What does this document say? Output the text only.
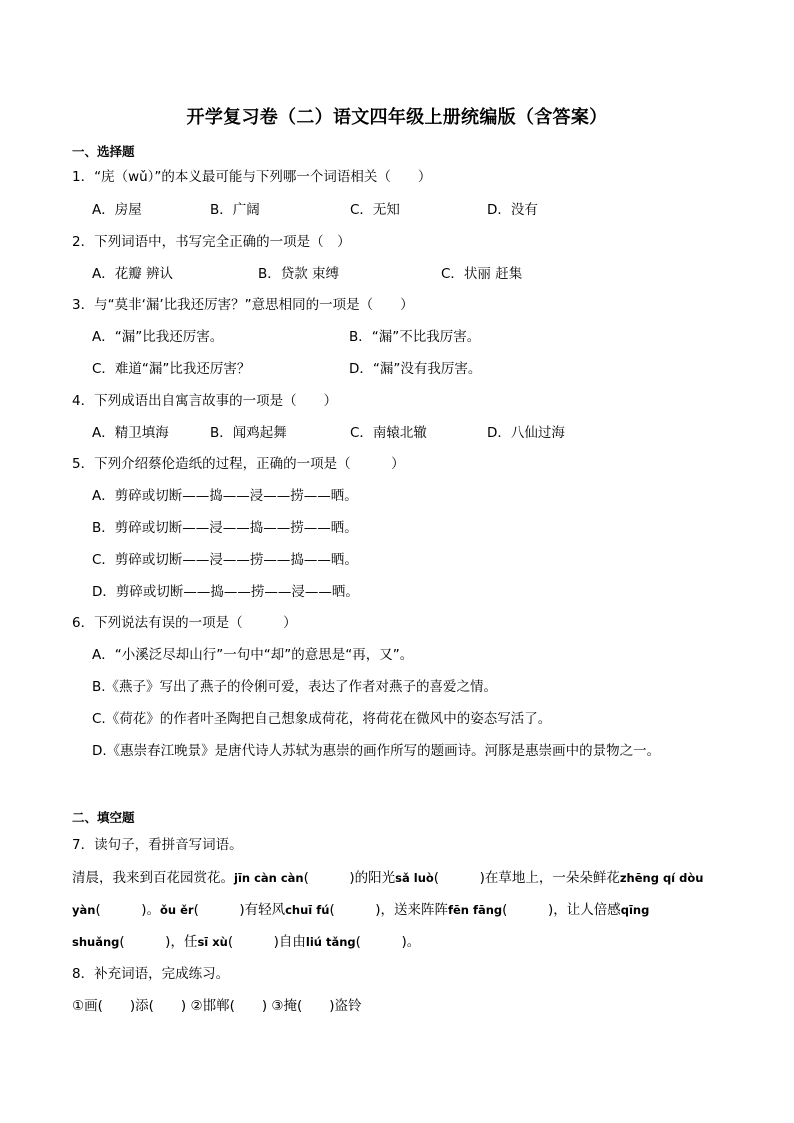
开学复习卷（二）语文四年级上册统编版（含答案）
一、选择题
1．“庑（wǔ）”的本义最可能与下列哪一个词语相关（　　）
A．房屋	B．广阔	C．无知	D．没有
2．下列词语中，书写完全正确的一项是（　）
A．花瓣 辨认	B．贷款 束缚	C．状丽 赶集
3．与“莫非‘漏’比我还厉害？”意思相同的一项是（　　）
A．“漏”比我还厉害。	B．“漏”不比我厉害。
C．难道“漏”比我还厉害？	D．“漏”没有我厉害。
4．下列成语出自寓言故事的一项是（　　）
A．精卫填海	B．闻鸡起舞	C．南辕北辙	D．八仙过海
5．下列介绍蔡伦造纸的过程，正确的一项是（　　　）
A．剪碎或切断——捣——浸——捞——晒。
B．剪碎或切断——浸——捣——捞——晒。
C．剪碎或切断——浸——捞——捣——晒。
D．剪碎或切断——捣——捞——浸——晒。
6．下列说法有误的一项是（　　　）
A．“小溪泛尽却山行”一句中“却”的意思是“再，又”。
B.《燕子》写出了燕子的伶俐可爱，表达了作者对燕子的喜爱之情。
C.《荷花》的作者叶圣陶把自己想象成荷花，将荷花在微风中的姿态写活了。
D.《惠崇春江晚景》是唐代诗人苏轼为惠崇的画作所写的题画诗。河豚是惠崇画中的景物之一。
二、填空题
7．读句子，看拼音写词语。
清晨，我来到百花园赏花。jīn càn càn(　　　)的阳光sǎ luò(　　　)在草地上，一朵朵鲜花zhēng qí dòu
yàn(　　　)。ǒu ěr(　　　)有轻风chuī fú(　　　)，送来阵阵fēn fāng(　　　)，让人倍感qīng
shuǎng(　　　)，任sī xù(　　　)自由liú tǎng(　　　)。
8．补充词语，完成练习。
①画(　　)添(　　) ②邯郸(　　) ③掩(　　)盗铃
